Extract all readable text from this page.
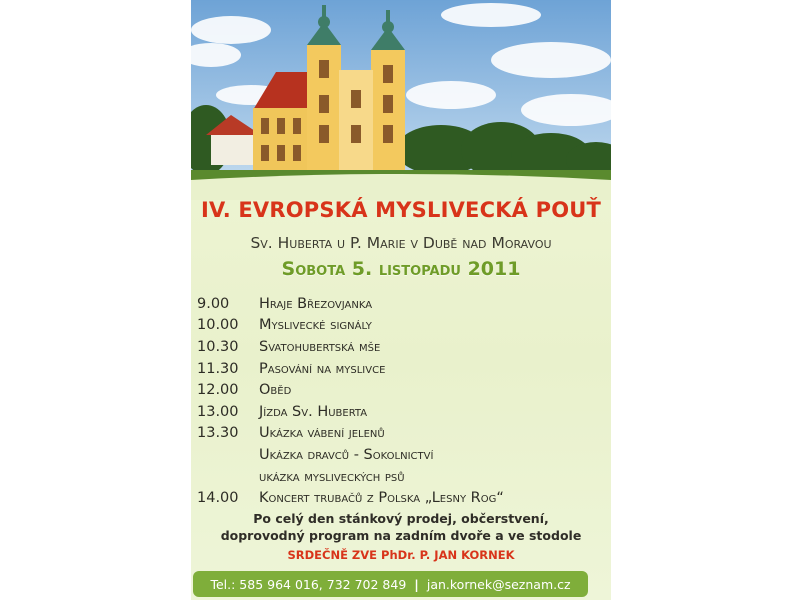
IV. EVROPSKÁ MYSLIVECKÁ POUŤ
Sv. Huberta u P. Marie v Dubě nad Moravou
Sobota 5. listopadu 2011
9.00	Hraje Březovjanka
10.00	Myslivecké signály
10.30	Svatohubertská mše
11.30	Pasování na myslivce
12.00	Oběd
13.00	Jízda Sv. Huberta
13.30	Ukázka vábení jelenů
Ukázka dravců - Sokolnictví
ukázka mysliveckých psů
14.00	Koncert trubačů z Polska „Lesny Rog“
Po celý den stánkový prodej, občerstvení,
doprovodný program na zadním dvoře a ve stodole
SRDEČNĚ ZVE PhDr. P. JAN KORNEK
Tel.: 585 964 016, 732 702 849 | jan.kornek@seznam.cz
